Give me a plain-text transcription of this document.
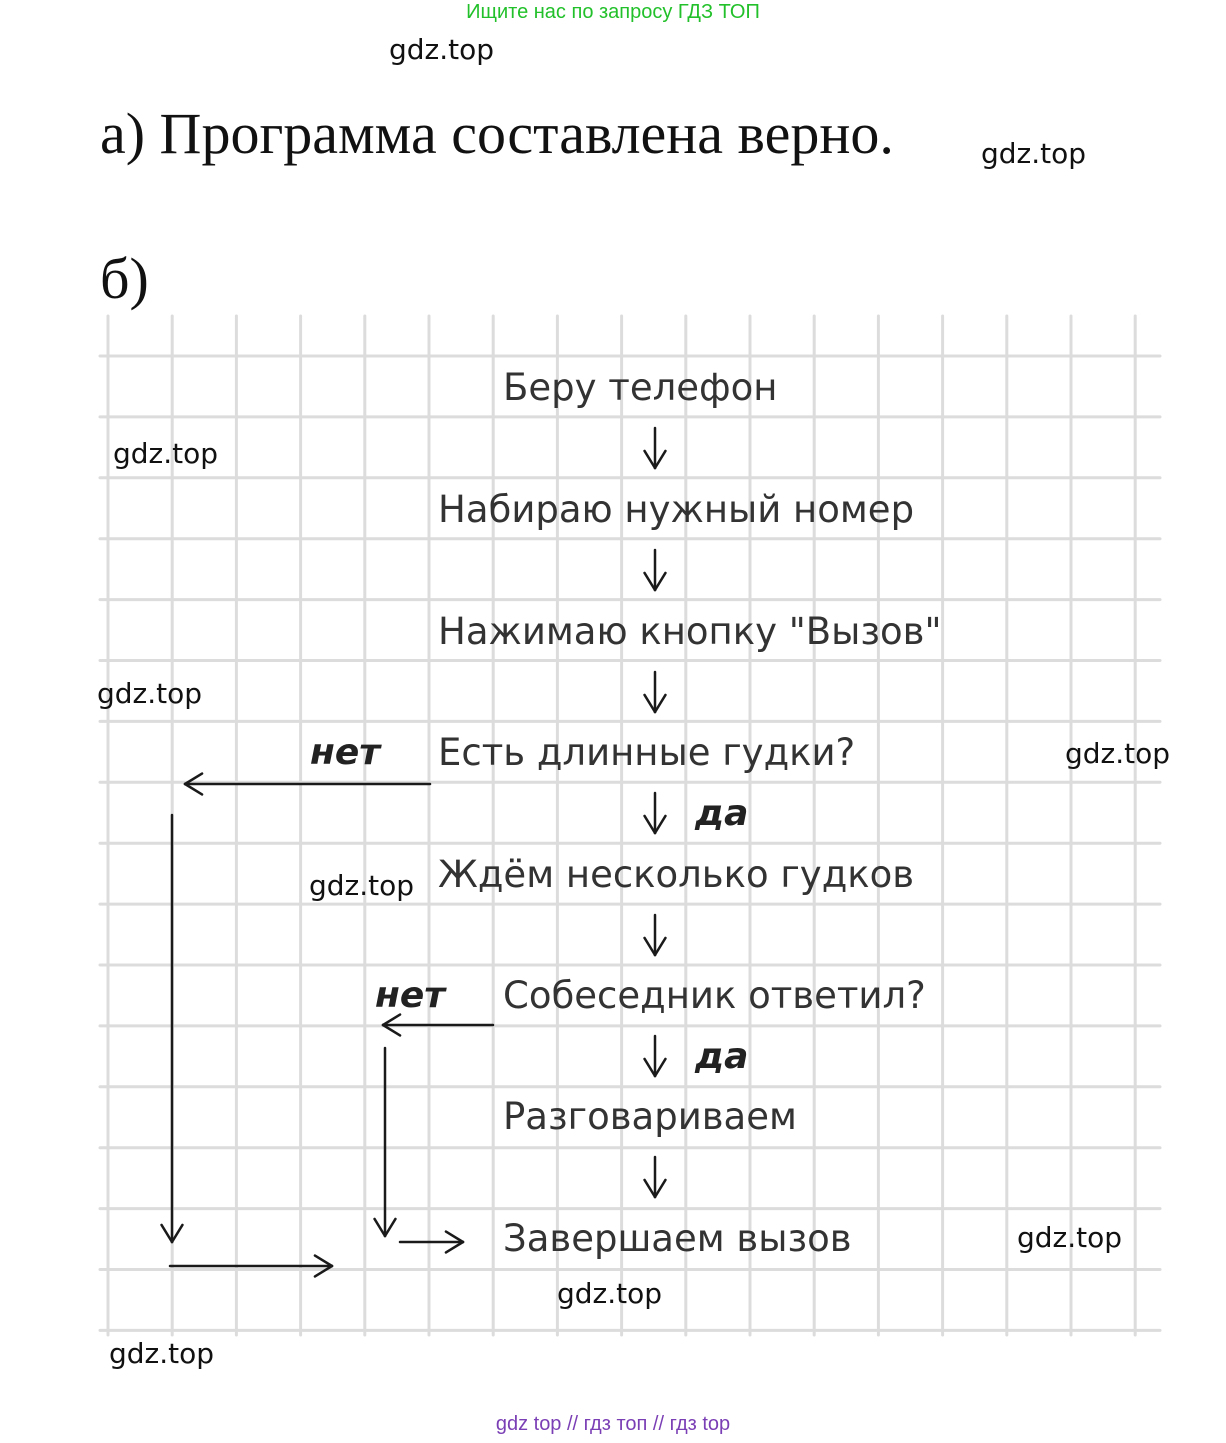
Ищите нас по запросу ГДЗ ТОП
gdz.top
а) Программа составлена верно.	gdz.top
б)
Беру телефон
Набираю нужный номер
Нажимаю кнопку "Вызов"
Есть длинные гудки?
Ждём несколько гудков
Собеседник ответил?
Разговариваем
Завершаем вызов
нет
да
нет
да
gdz.top
gdz.top
gdz.top
gdz.top
gdz.top
gdz.top
gdz.top
gdz top // гдз топ // гдз top
